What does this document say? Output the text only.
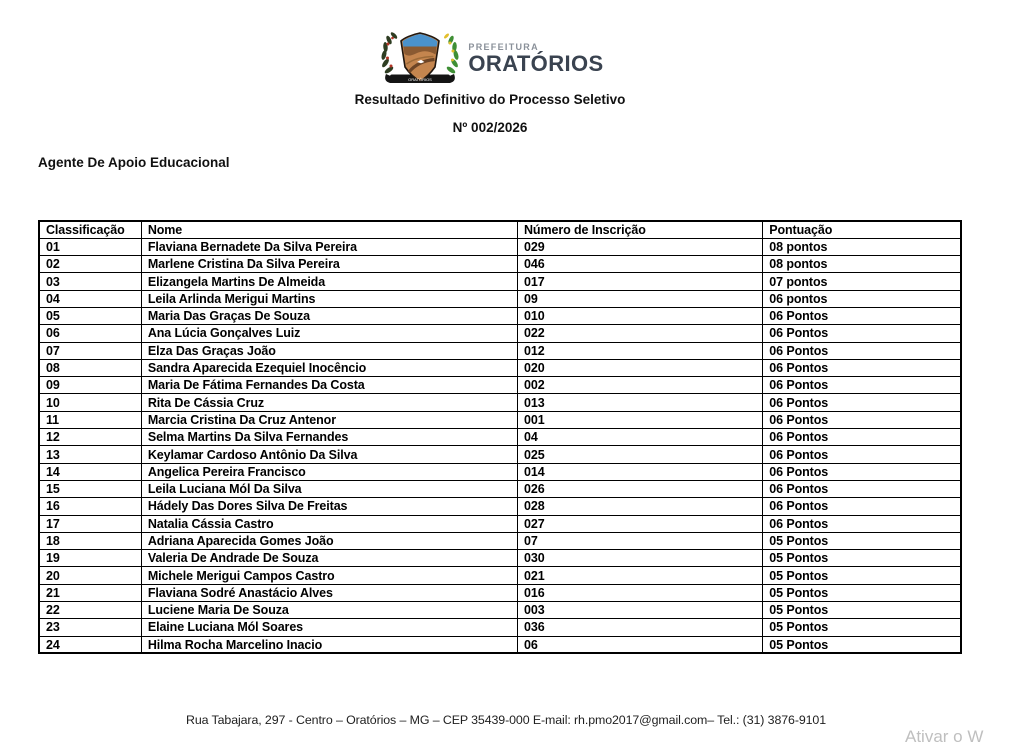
ORATÓRIOS
PREFEITURA
ORATÓRIOS
Resultado Definitivo do Processo Seletivo
Nº 002/2026
Agente De Apoio Educacional
Classificação	Nome	Número de Inscrição	Pontuação
01	Flaviana Bernadete Da Silva Pereira	029	08 pontos
02	Marlene Cristina Da Silva Pereira	046	08 pontos
03	Elizangela Martins De Almeida	017	07 pontos
04	Leila Arlinda Merigui Martins	09	06 pontos
05	Maria Das Graças De Souza	010	06 Pontos
06	Ana Lúcia Gonçalves Luiz	022	06 Pontos
07	Elza Das Graças João	012	06 Pontos
08	Sandra Aparecida Ezequiel Inocêncio	020	06 Pontos
09	Maria De Fátima Fernandes Da Costa	002	06 Pontos
10	Rita De Cássia Cruz	013	06 Pontos
11	Marcia Cristina Da Cruz Antenor	001	06 Pontos
12	Selma Martins Da Silva Fernandes	04	06 Pontos
13	Keylamar Cardoso Antônio Da Silva	025	06 Pontos
14	Angelica Pereira Francisco	014	06 Pontos
15	Leila Luciana Mól Da Silva	026	06 Pontos
16	Hádely Das Dores Silva De Freitas	028	06 Pontos
17	Natalia Cássia Castro	027	06 Pontos
18	Adriana Aparecida Gomes João	07	05 Pontos
19	Valeria De Andrade De Souza	030	05 Pontos
20	Michele Merigui Campos Castro	021	05 Pontos
21	Flaviana Sodré Anastácio Alves	016	05 Pontos
22	Luciene Maria De Souza	003	05 Pontos
23	Elaine Luciana Mól Soares	036	05 Pontos
24	Hilma Rocha Marcelino Inacio	06	05 Pontos
Rua Tabajara, 297 - Centro – Oratórios – MG – CEP 35439-000 E-mail: rh.pmo2017@gmail.com– Tel.: (31) 3876-9101
Ativar o W
